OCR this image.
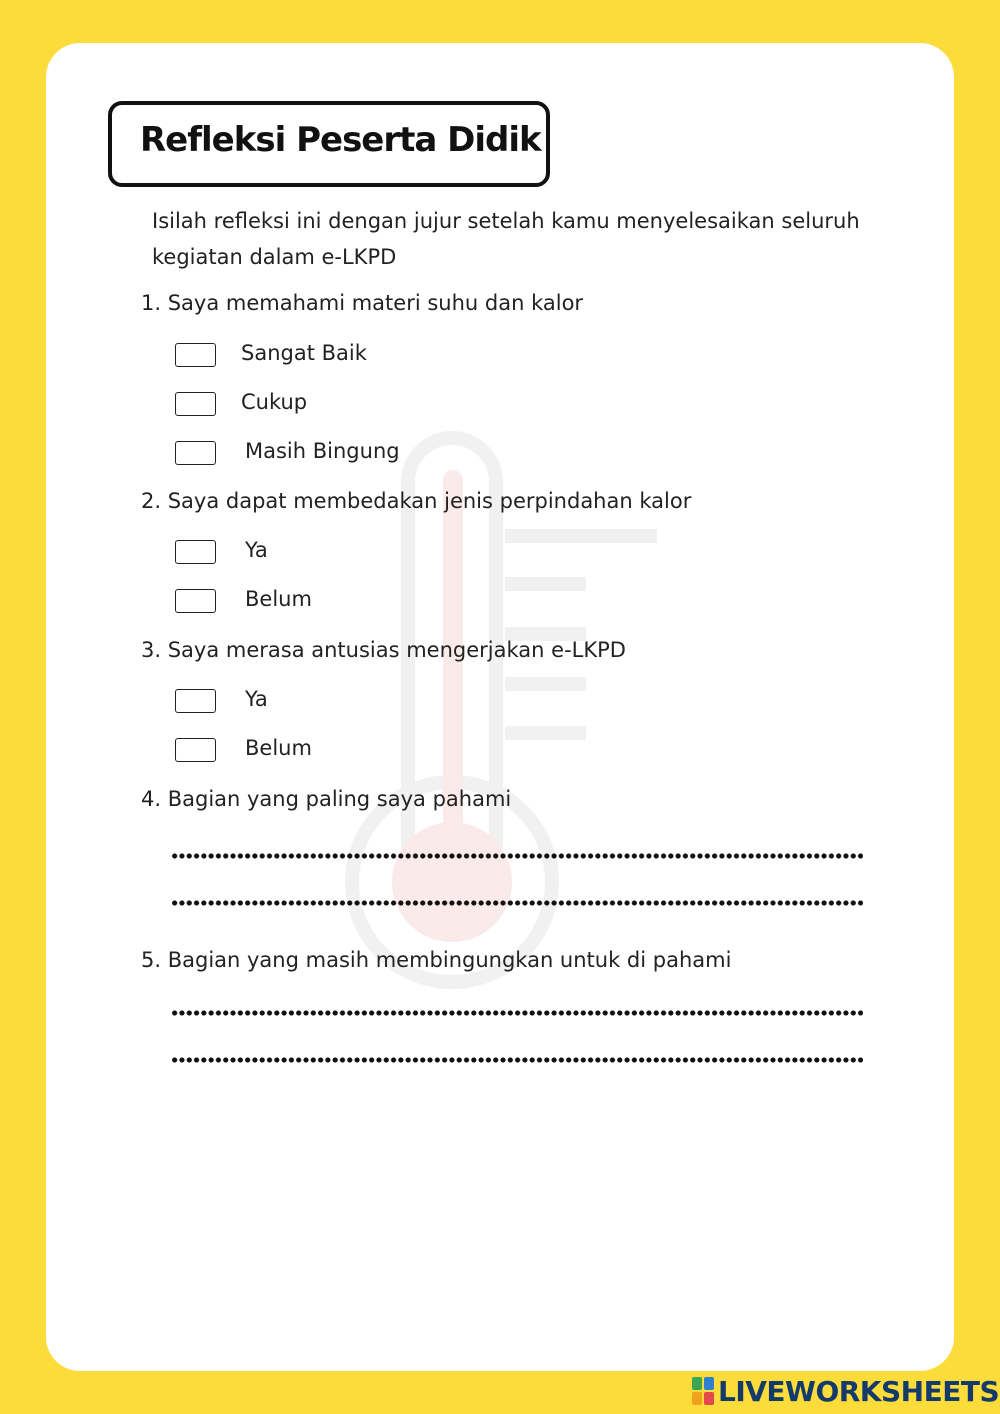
Refleksi Peserta Didik
Isilah refleksi ini dengan jujur setelah kamu menyelesaikan seluruh kegiatan dalam e-LKPD
1. Saya memahami materi suhu dan kalor
Sangat Baik
Cukup
Masih Bingung
2. Saya dapat membedakan jenis perpindahan kalor
Ya
Belum
3. Saya merasa antusias mengerjakan e-LKPD
Ya
Belum
4. Bagian yang paling saya pahami
5. Bagian yang masih membingungkan untuk di pahami
LIVEWORKSHEETS
